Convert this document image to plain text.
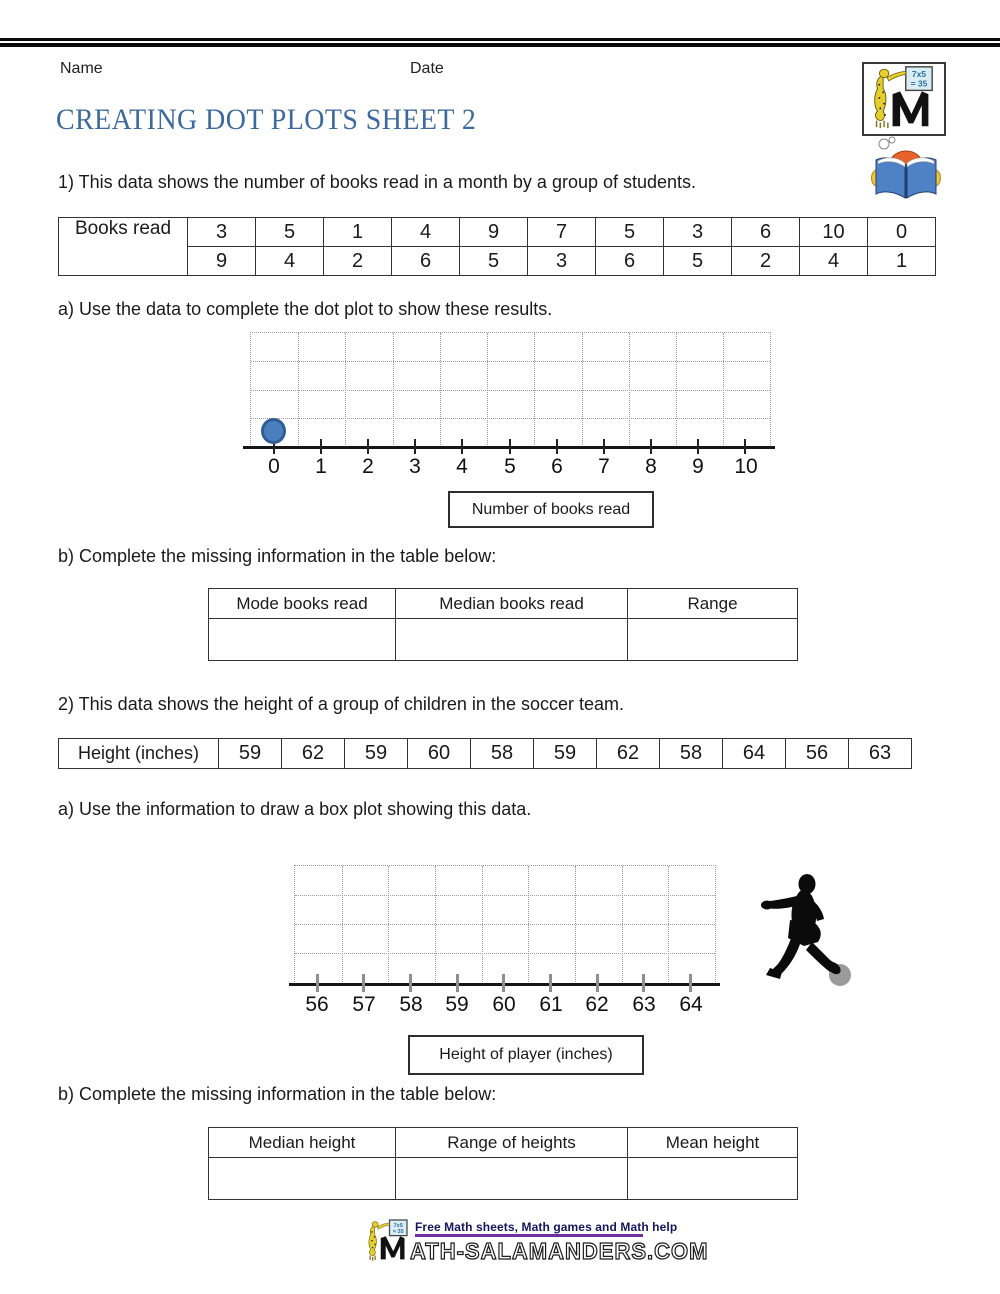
Name	Date	7x5
= 35
CREATING DOT PLOTS SHEET 2
1) This data shows the number of books read in a month by a group of students.
Books read	3	5	1	4	9	7	5	3	6	10	0
	9	4	2	6	5	3	6	5	2	4	1
a) Use the data to complete the dot plot to show these results.
0	1	2	3	4	5	6	7	8	9	10
Number of books read
b) Complete the missing information in the table below:
Mode books read	Median books read	Range

2) This data shows the height of a group of children in the soccer team.
Height (inches)	59	62	59	60	58	59	62	58	64	56	63
a) Use the information to draw a box plot showing this data.
56	57	58	59	60	61	62	63	64
Height of player (inches)
b) Complete the missing information in the table below:
Median height	Range of heights	Mean height

7x5
= 35 Free Math sheets, Math games and Math help
ATH-SALAMANDERS.COM
